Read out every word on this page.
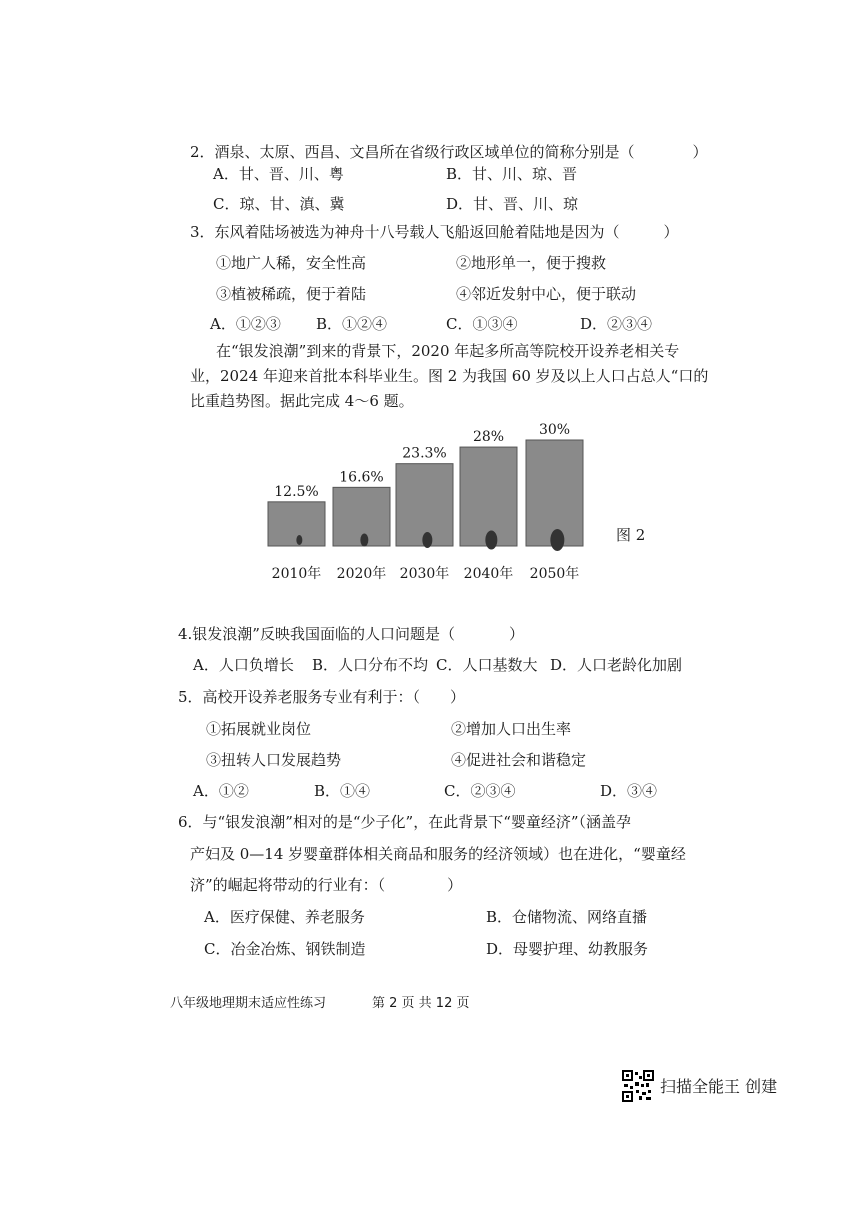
2．酒泉、太原、西昌、文昌所在省级行政区域单位的简称分别是（	）
A．甘、晋、川、粤	B．甘、川、琼、晋
C．琼、甘、滇、冀	D．甘、晋、川、琼
3．东风着陆场被选为神舟十八号载人飞船返回舱着陆地是因为（	）
①地广人稀，安全性高	②地形单一，便于搜救
③植被稀疏，便于着陆	④邻近发射中心，便于联动
A．①②③ B．①②④	C．①③④	D．②③④
在“银发浪潮”到来的背景下，2020 年起多所高等院校开设养老相关专
业，2024 年迎来首批本科毕业生。图 2 为我国 60 岁及以上人口占总人“口的
比重趋势图。据此完成 4～6 题。
12.5%
2010年
16.6%
2020年
23.3%
2030年
28%
2040年
30%
2050年
图 2
4.银发浪潮”反映我国面临的人口问题是（	）
A．人口负增长 B．人口分布不均 C．人口基数大 D．人口老龄化加剧
5．高校开设养老服务专业有利于：（ ）
①拓展就业岗位	②增加人口出生率
③扭转人口发展趋势	④促进社会和谐稳定
A．①②	B．①④	C．②③④	D．③④
6．与“银发浪潮”相对的是“少子化”，在此背景下“婴童经济”（涵盖孕
产妇及 0—14 岁婴童群体相关商品和服务的经济领域）也在进化，“婴童经
济”的崛起将带动的行业有：（	）
A．医疗保健、养老服务	B．仓储物流、网络直播
C．冶金冶炼、钢铁制造	D．母婴护理、幼教服务
八年级地理期末适应性练习	第 2 页 共 12 页
扫描全能王 创建
